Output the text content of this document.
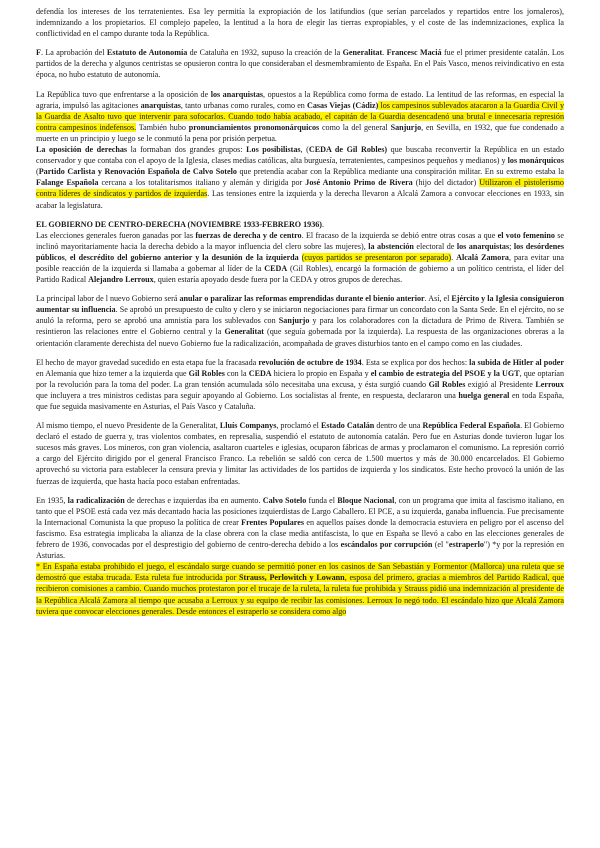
defendía los intereses de los terratenientes. Esa ley permitía la expropiación de los latifundios (que serían parcelados y repartidos entre los jornaleros), indemnizando a los propietarios. El complejo papeleo, la lentitud a la hora de elegir las tierras expropiables, y el coste de las indemnizaciones, explica la conflictividad en el campo durante toda la República.

F. La aprobación del Estatuto de Autonomía de Cataluña en 1932, supuso la creación de la Generalitat. Francesc Maciá fue el primer presidente catalán. Los partidos de la derecha y algunos centristas se opusieron contra lo que consideraban el desmembramiento de España. En el País Vasco, menos reivindicativo en esta época, no hubo estatuto de autonomía.

La República tuvo que enfrentarse a la oposición de los anarquistas, opuestos a la República como forma de estado. La lentitud de las reformas, en especial la agraria, impulsó las agitaciones anarquistas, tanto urbanas como rurales, como en Casas Viejas (Cádiz) los campesinos sublevados atacaron a la Guardia Civil y la Guardia de Asalto tuvo que intervenir para sofocarlos. Cuando todo había acabado, el capitán de la Guardia desencadenó una brutal e innecesaria represión contra campesinos indefensos. También hubo pronunciamientos pronomonárquicos como la del general Sanjurjo, en Sevilla, en 1932, que fue condenado a muerte en un principio y luego se le conmutó la pena por prisión perpetua.

La oposición de derechas la formaban dos grandes grupos: Los posibilistas, (CEDA de Gil Robles) que buscaba reconvertir la República en un estado conservador y que contaba con el apoyo de la Iglesia, clases medias católicas, alta burguesía, terratenientes, campesinos pequeños y medianos) y los monárquicos (Partido Carlista y Renovación Española de Calvo Sotelo que pretendía acabar con la República mediante una conspiración militar. En su extremo estaba la Falange Española cercana a los totalitarismos italiano y alemán y dirigida por José Antonio Primo de Rivera (hijo del dictador) Utilizaron el pistolerismo contra líderes de sindicatos y partidos de izquierdas. Las tensiones entre la izquierda y la derecha llevaron a Alcalá Zamora a convocar elecciones en 1933, sin acabar la legislatura.

EL GOBIERNO DE CENTRO-DERECHA (NOVIEMBRE 1933-FEBRERO 1936).
Las elecciones generales fueron ganadas por las fuerzas de derecha y de centro. El fracaso de la izquierda se debió entre otras cosas a que el voto femenino se inclinó mayoritariamente hacia la derecha debido a la mayor influencia del clero sobre las mujeres), la abstención electoral de los anarquistas; los desórdenes públicos, el descrédito del gobierno anterior y la desunión de la izquierda (cuyos partidos se presentaron por separado). Alcalá Zamora, para evitar una posible reacción de la izquierda si llamaba a gobernar al líder de la CEDA (Gil Robles), encargó la formación de gobierno a un político centrista, el líder del Partido Radical Alejandro Lerroux, quien estaría apoyado desde fuera por la CEDA y otros grupos de derechas.

La principal labor de l nuevo Gobierno será anular o paralizar las reformas emprendidas durante el bienio anterior. Así, el Ejército y la Iglesia consiguieron aumentar su influencia. Se aprobó un presupuesto de culto y clero y se iniciaron negociaciones para firmar un concordato con la Santa Sede. En el ejército, no se anuló la reforma, pero se aprobó una amnistía para los sublevados con Sanjurjo y para los colaboradores con la dictadura de Primo de Rivera. También se resintieron las relaciones entre el Gobierno central y la Generalitat (que seguía gobernada por la izquierda). La respuesta de las organizaciones obreras a la orientación claramente derechista del nuevo Gobierno fue la radicalización, acompañada de graves disturbios tanto en el campo como en las ciudades.

El hecho de mayor gravedad sucedido en esta etapa fue la fracasada revolución de octubre de 1934. Esta se explica por dos hechos: la subida de Hitler al poder en Alemania que hizo temer a la izquierda que Gil Robles con la CEDA hiciera lo propio en España y el cambio de estrategia del PSOE y la UGT, que optarían por la revolución para la toma del poder. La gran tensión acumulada sólo necesitaba una excusa, y ésta surgió cuando Gil Robles exigió al Presidente Lerroux que incluyera a tres ministros cedistas para seguir apoyando al Gobierno. Los socialistas al frente, en respuesta, declararon una huelga general en toda España, que fue seguida masivamente en Asturias, el País Vasco y Cataluña.

Al mismo tiempo, el nuevo Presidente de la Generalitat, Lluís Companys, proclamó el Estado Catalán dentro de una República Federal Española. El Gobierno declaró el estado de guerra y, tras violentos combates, en represalia, suspendió el estatuto de autonomía catalán. Pero fue en Asturias donde tuvieron lugar los sucesos más graves. Los mineros, con gran violencia, asaltaron cuarteles e iglesias, ocuparon fábricas de armas y proclamaron el comunismo. La represión corrió a cargo del Ejército dirigido por el general Francisco Franco. La rebelión se saldó con cerca de 1.500 muertos y más de 30.000 encarcelados. El Gobierno aprovechó su victoria para establecer la censura previa y limitar las actividades de los partidos de izquierda y los sindicatos. Este hecho provocó la unión de las fuerzas de izquierda, que hasta hacía poco estaban enfrentadas.

En 1935, la radicalización de derechas e izquierdas iba en aumento. Calvo Sotelo funda el Bloque Nacional, con un programa que imita al fascismo italiano, en tanto que el PSOE está cada vez más decantado hacia las posiciones izquierdistas de Largo Caballero. El PCE, a su izquierda, ganaba influencia. Fue precisamente la Internacional Comunista la que propuso la política de crear Frentes Populares en aquellos países donde la democracia estuviera en peligro por el ascenso del fascismo. Esa estrategia implicaba la alianza de la clase obrera con la clase media antifascista, lo que en España se llevó a cabo en las elecciones generales de febrero de 1936, convocadas por el desprestigio del gobierno de centro-derecha debido a los escándalos por corrupción (el "estraperlo") *y por la represión en Asturias.

* En España estaba prohibido el juego, el escándalo surge cuando se permitió poner en los casinos de San Sebastián y Formentor (Mallorca) una ruleta que se demostró que estaba trucada. Esta ruleta fue introducida por Strauss, Perlowitch y Lowann, esposa del primero, gracias a miembros del Partido Radical, que recibieron comisiones a cambio. Cuando muchos protestaron por el trucaje de la ruleta, la ruleta fue prohibida y Strauss pidió una indemnización al presidente de la República Alcalá Zamora al tiempo que acusaba a Lerroux y su equipo de recibir las comisiones. Lerroux lo negó todo. El escándalo hizo que Alcalá Zamora tuviera que convocar elecciones generales. Desde entonces el estraperlo se considera como algo
